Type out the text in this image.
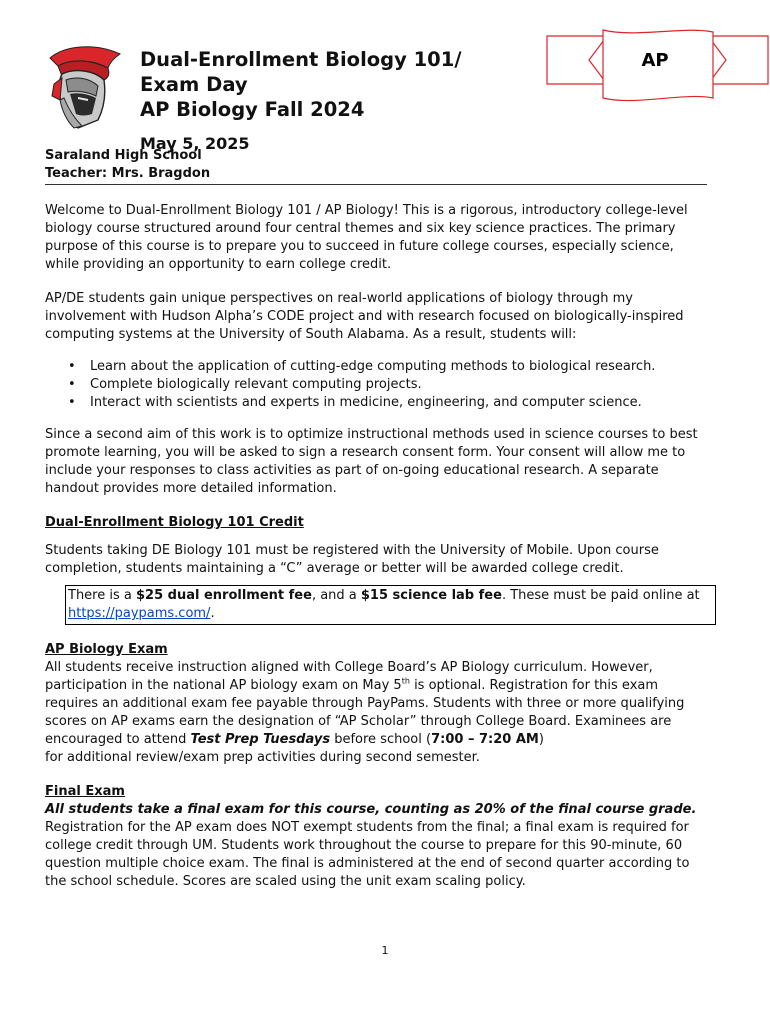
Dual-Enrollment Biology 101/
Exam Day
AP Biology Fall 2024
May 5, 2025
AP
Saraland High School
Teacher: Mrs. Bragdon

Welcome to Dual-Enrollment Biology 101 / AP Biology! This is a rigorous, introductory college-level biology course structured around four central themes and six key science practices. The primary purpose of this course is to prepare you to succeed in future college courses, especially science, while providing an opportunity to earn college credit.

AP/DE students gain unique perspectives on real-world applications of biology through my involvement with Hudson Alpha’s CODE project and with research focused on biologically-inspired computing systems at the University of South Alabama. As a result, students will:

• Learn about the application of cutting-edge computing methods to biological research.
• Complete biologically relevant computing projects.
• Interact with scientists and experts in medicine, engineering, and computer science.

Since a second aim of this work is to optimize instructional methods used in science courses to best promote learning, you will be asked to sign a research consent form. Your consent will allow me to include your responses to class activities as part of on-going educational research. A separate handout provides more detailed information.

Dual-Enrollment Biology 101 Credit

Students taking DE Biology 101 must be registered with the University of Mobile. Upon course completion, students maintaining a “C” average or better will be awarded college credit.

There is a $25 dual enrollment fee, and a $15 science lab fee. These must be paid online at https://paypams.com/.

AP Biology Exam

All students receive instruction aligned with College Board’s AP Biology curriculum. However, participation in the national AP biology exam on May 5th is optional. Registration for this exam requires an additional exam fee payable through PayPams. Students with three or more qualifying scores on AP exams earn the designation of “AP Scholar” through College Board. Examinees are encouraged to attend Test Prep Tuesdays before school (7:00 – 7:20 AM)
for additional review/exam prep activities during second semester.

Final Exam

All students take a final exam for this course, counting as 20% of the final course grade. Registration for the AP exam does NOT exempt students from the final; a final exam is required for college credit through UM. Students work throughout the course to prepare for this 90-minute, 60 question multiple choice exam. The final is administered at the end of second quarter according to the school schedule. Scores are scaled using the unit exam scaling policy.

1
